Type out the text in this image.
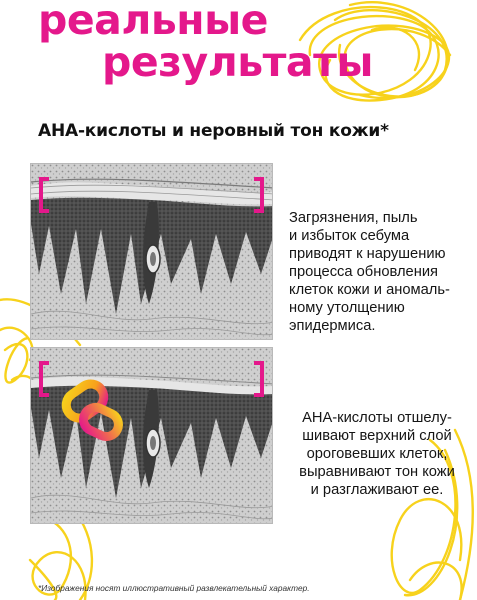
реальные
результаты
АНА-кислоты и неровный тон кожи*
Загрязнения, пыль
и избыток себума
приводят к нарушению
процесса обновления
клеток кожи и аномаль-
ному утолщению
эпидермиса.
АНА-кислоты отшелу-
шивают верхний слой
ороговевших клеток,
выравнивают тон кожи
и разглаживают ее.
*Изображения носят иллюстративный развлекательный характер.
